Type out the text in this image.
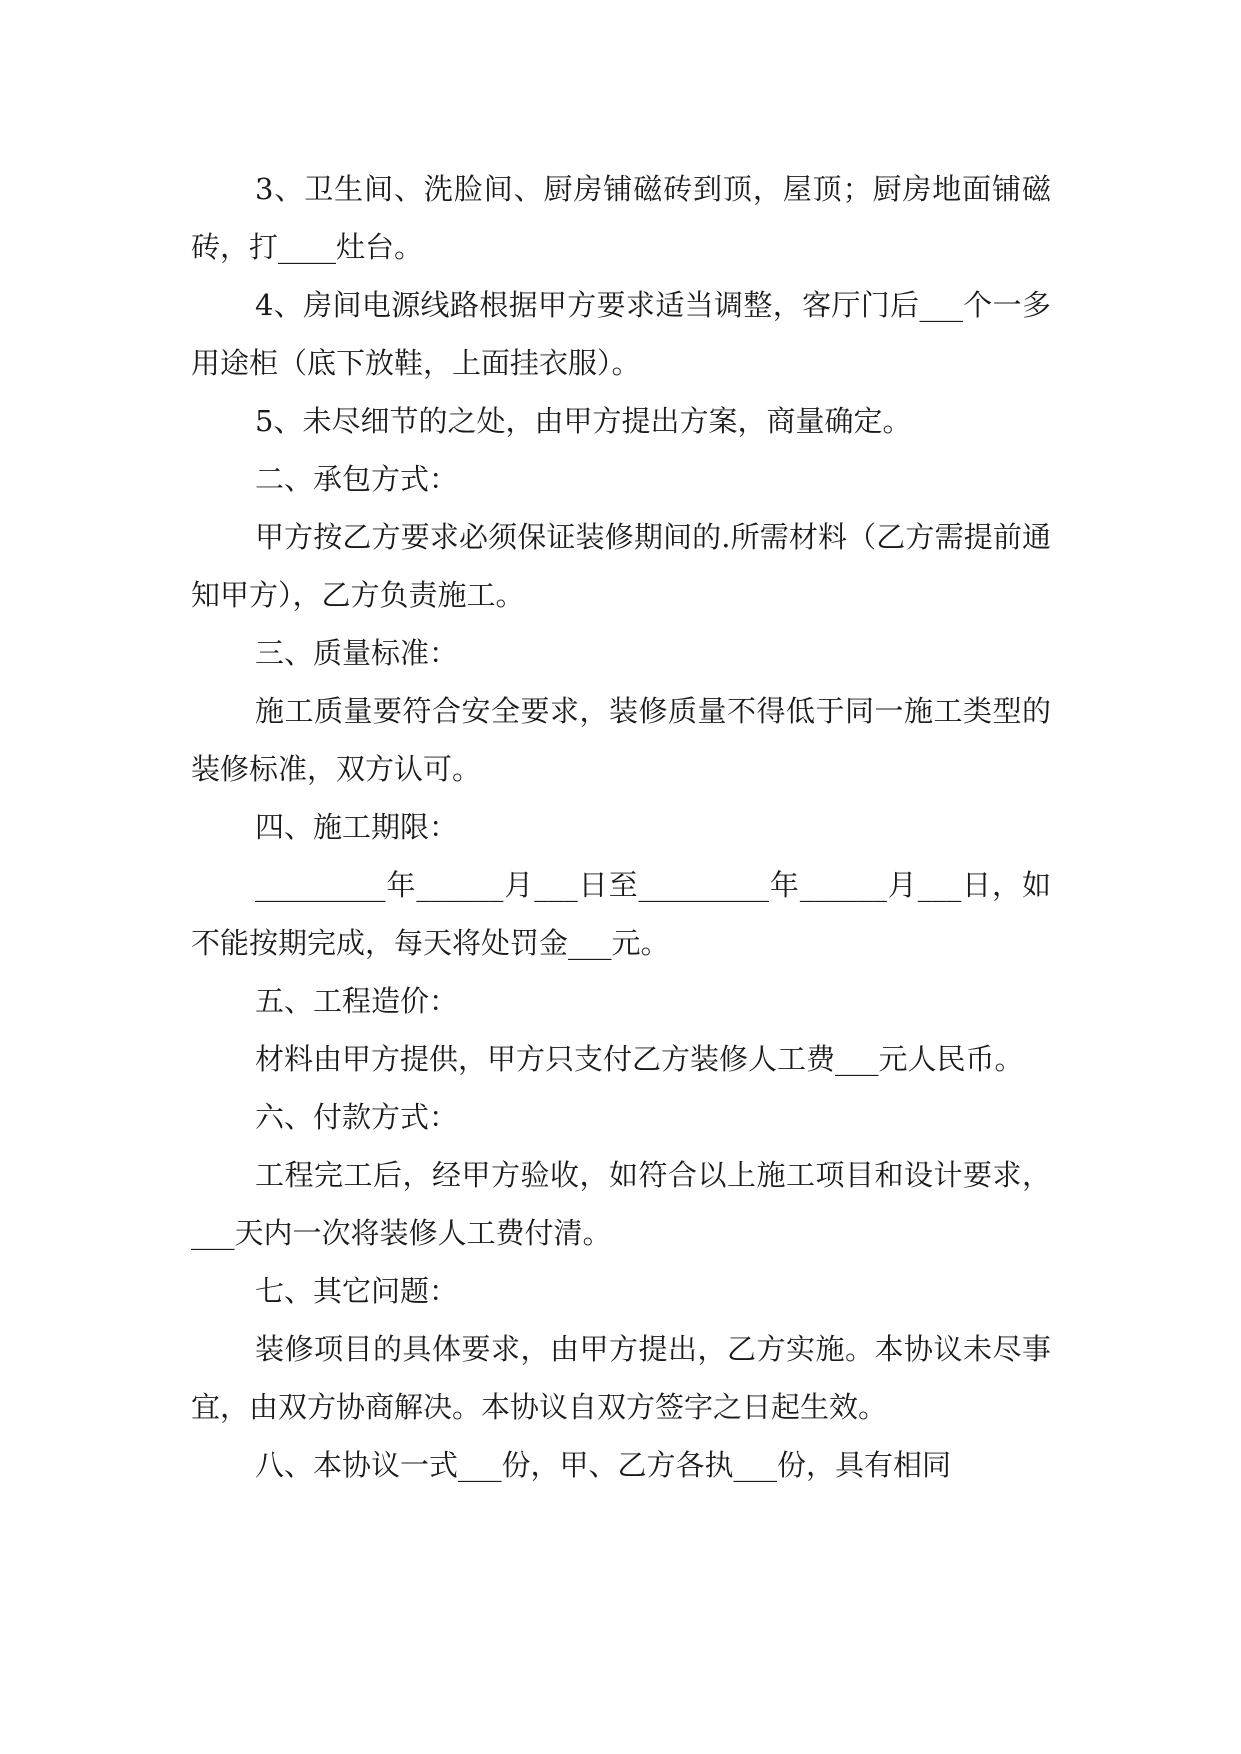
3、卫生间、洗脸间、厨房铺磁砖到顶，屋顶；厨房地面铺磁砖，打____灶台。

4、房间电源线路根据甲方要求适当调整，客厅门后___个一多用途柜（底下放鞋，上面挂衣服）。

5、未尽细节的之处，由甲方提出方案，商量确定。

二、承包方式：

甲方按乙方要求必须保证装修期间的.所需材料（乙方需提前通知甲方），乙方负责施工。

三、质量标准：

施工质量要符合安全要求，装修质量不得低于同一施工类型的装修标准，双方认可。

四、施工期限：

_________年______月___日至_________年______月___日，如不能按期完成，每天将处罚金___元。

五、工程造价：

材料由甲方提供，甲方只支付乙方装修人工费___元人民币。

六、付款方式：

工程完工后，经甲方验收，如符合以上施工项目和设计要求，___天内一次将装修人工费付清。

七、其它问题：

装修项目的具体要求，由甲方提出，乙方实施。本协议未尽事宜，由双方协商解决。本协议自双方签字之日起生效。

八、本协议一式___份，甲、乙方各执___份，具有相同
